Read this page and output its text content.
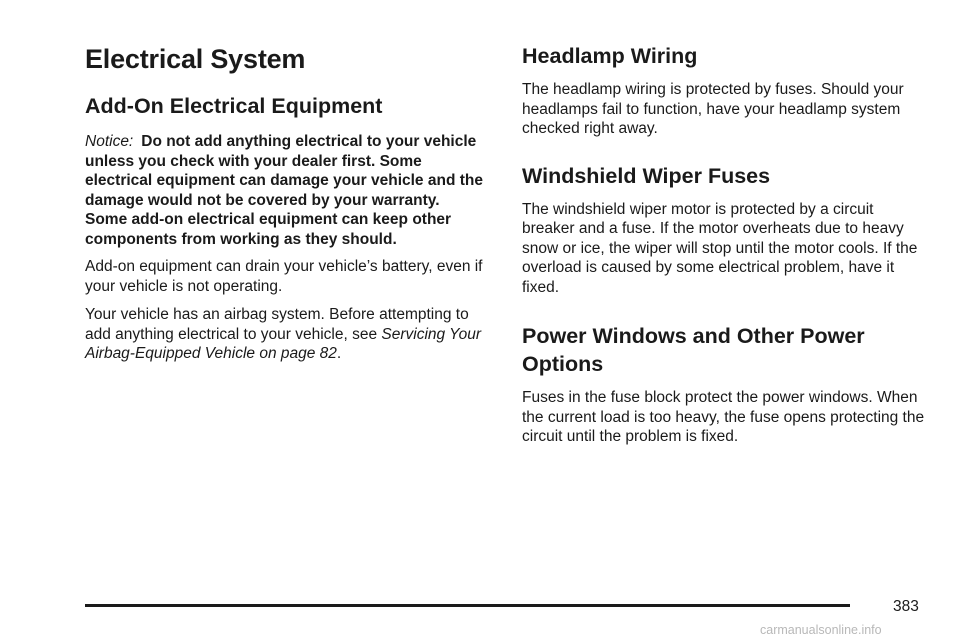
Electrical System
Add-On Electrical Equipment

Notice: Do not add anything electrical to your vehicle unless you check with your dealer first. Some electrical equipment can damage your vehicle and the damage would not be covered by your warranty. Some add-on electrical equipment can keep other components from working as they should.

Add-on equipment can drain your vehicle’s battery, even if your vehicle is not operating.

Your vehicle has an airbag system. Before attempting to add anything electrical to your vehicle, see Servicing Your Airbag-Equipped Vehicle on page 82.

Headlamp Wiring

The headlamp wiring is protected by fuses. Should your headlamps fail to function, have your headlamp system checked right away.

Windshield Wiper Fuses

The windshield wiper motor is protected by a circuit breaker and a fuse. If the motor overheats due to heavy snow or ice, the wiper will stop until the motor cools. If the overload is caused by some electrical problem, have it fixed.

Power Windows and Other Power Options

Fuses in the fuse block protect the power windows. When the current load is too heavy, the fuse opens protecting the circuit until the problem is fixed.

383
carmanualsonline.info
